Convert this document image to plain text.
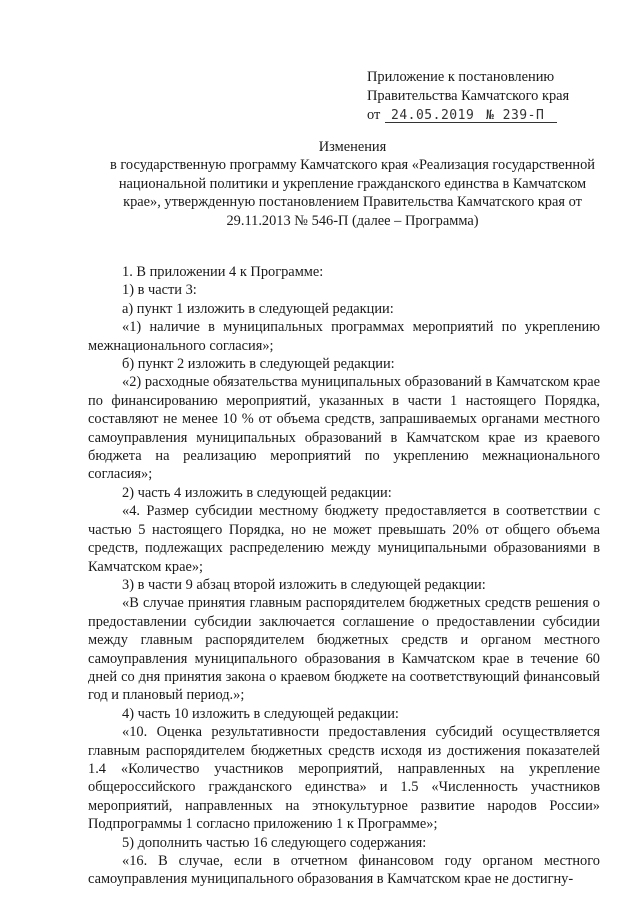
Приложение к постановлению
Правительства Камчатского края
от 24.05.2019 № 239-П
Изменения
в государственную программу Камчатского края «Реализация государственной национальной политики и укрепление гражданского единства в Камчатском крае», утвержденную постановлением Правительства Камчатского края от 29.11.2013 № 546-П (далее – Программа)

1. В приложении 4 к Программе:

1) в части 3:

а) пункт 1 изложить в следующей редакции:

«1) наличие в муниципальных программах мероприятий по укреплению межнационального согласия»;

б) пункт 2 изложить в следующей редакции:

«2) расходные обязательства муниципальных образований в Камчатском крае по финансированию мероприятий, указанных в части 1 настоящего Порядка, составляют не менее 10 % от объема средств, запрашиваемых органами местного самоуправления муниципальных образований в Камчатском крае из краевого бюджета на реализацию мероприятий по укреплению межнационального согласия»;

2) часть 4 изложить в следующей редакции:

«4. Размер субсидии местному бюджету предоставляется в соответствии с частью 5 настоящего Порядка, но не может превышать 20% от общего объема средств, подлежащих распределению между муниципальными образованиями в Камчатском крае»;

3) в части 9 абзац второй изложить в следующей редакции:

«В случае принятия главным распорядителем бюджетных средств решения о предоставлении субсидии заключается соглашение о предоставлении субсидии между главным распорядителем бюджетных средств и органом местного самоуправления муниципального образования в Камчатском крае в течение 60 дней со дня принятия закона о краевом бюджете на соответствующий финансовый год и плановый период.»;

4) часть 10 изложить в следующей редакции:

«10. Оценка результативности предоставления субсидий осуществляется главным распорядителем бюджетных средств исходя из достижения показателей 1.4 «Количество участников мероприятий, направленных на укрепление общероссийского гражданского единства» и 1.5 «Численность участников мероприятий, направленных на этнокультурное развитие народов России» Подпрограммы 1 согласно приложению 1 к Программе»;

5) дополнить частью 16 следующего содержания:

«16. В случае, если в отчетном финансовом году органом местного самоуправления муниципального образования в Камчатском крае не достигну-
